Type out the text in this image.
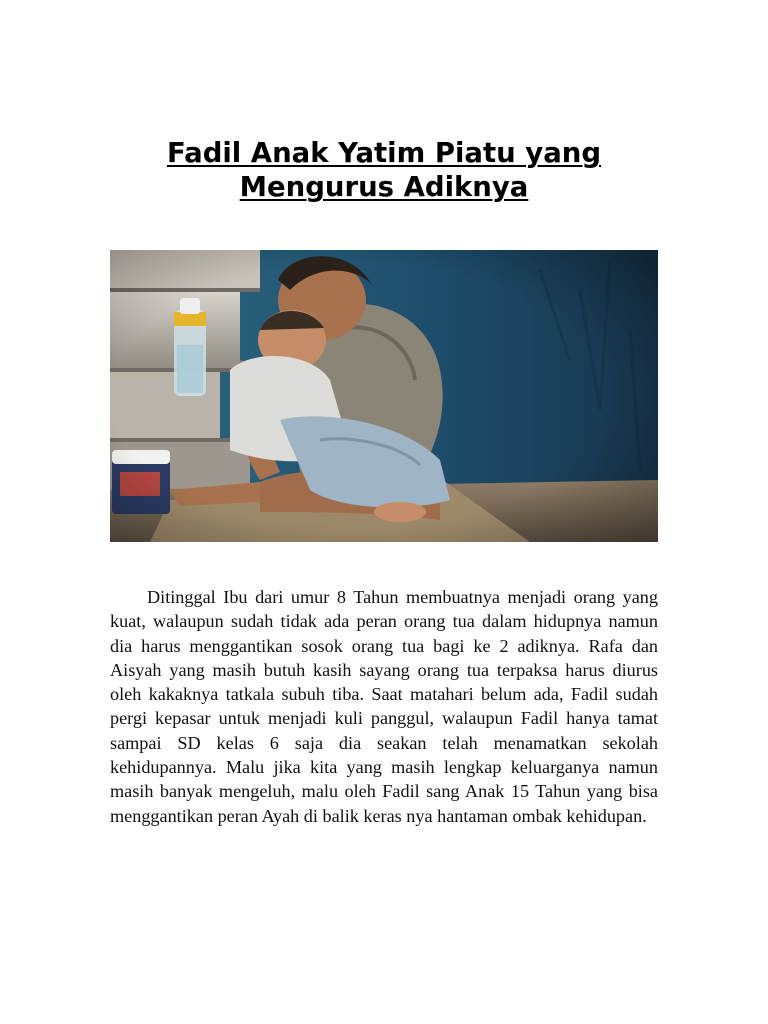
Fadil Anak Yatim Piatu yang Mengurus Adiknya

Ditinggal Ibu dari umur 8 Tahun membuatnya menjadi orang yang kuat, walaupun sudah tidak ada peran orang tua dalam hidupnya namun dia harus menggantikan sosok orang tua bagi ke 2 adiknya. Rafa dan Aisyah yang masih butuh kasih sayang orang tua terpaksa harus diurus oleh kakaknya tatkala subuh tiba. Saat matahari belum ada, Fadil sudah pergi kepasar untuk menjadi kuli panggul, walaupun Fadil hanya tamat sampai SD kelas 6 saja dia seakan telah menamatkan sekolah kehidupannya. Malu jika kita yang masih lengkap keluarganya namun masih banyak mengeluh, malu oleh Fadil sang Anak 15 Tahun yang bisa menggantikan peran Ayah di balik keras nya hantaman ombak kehidupan.
